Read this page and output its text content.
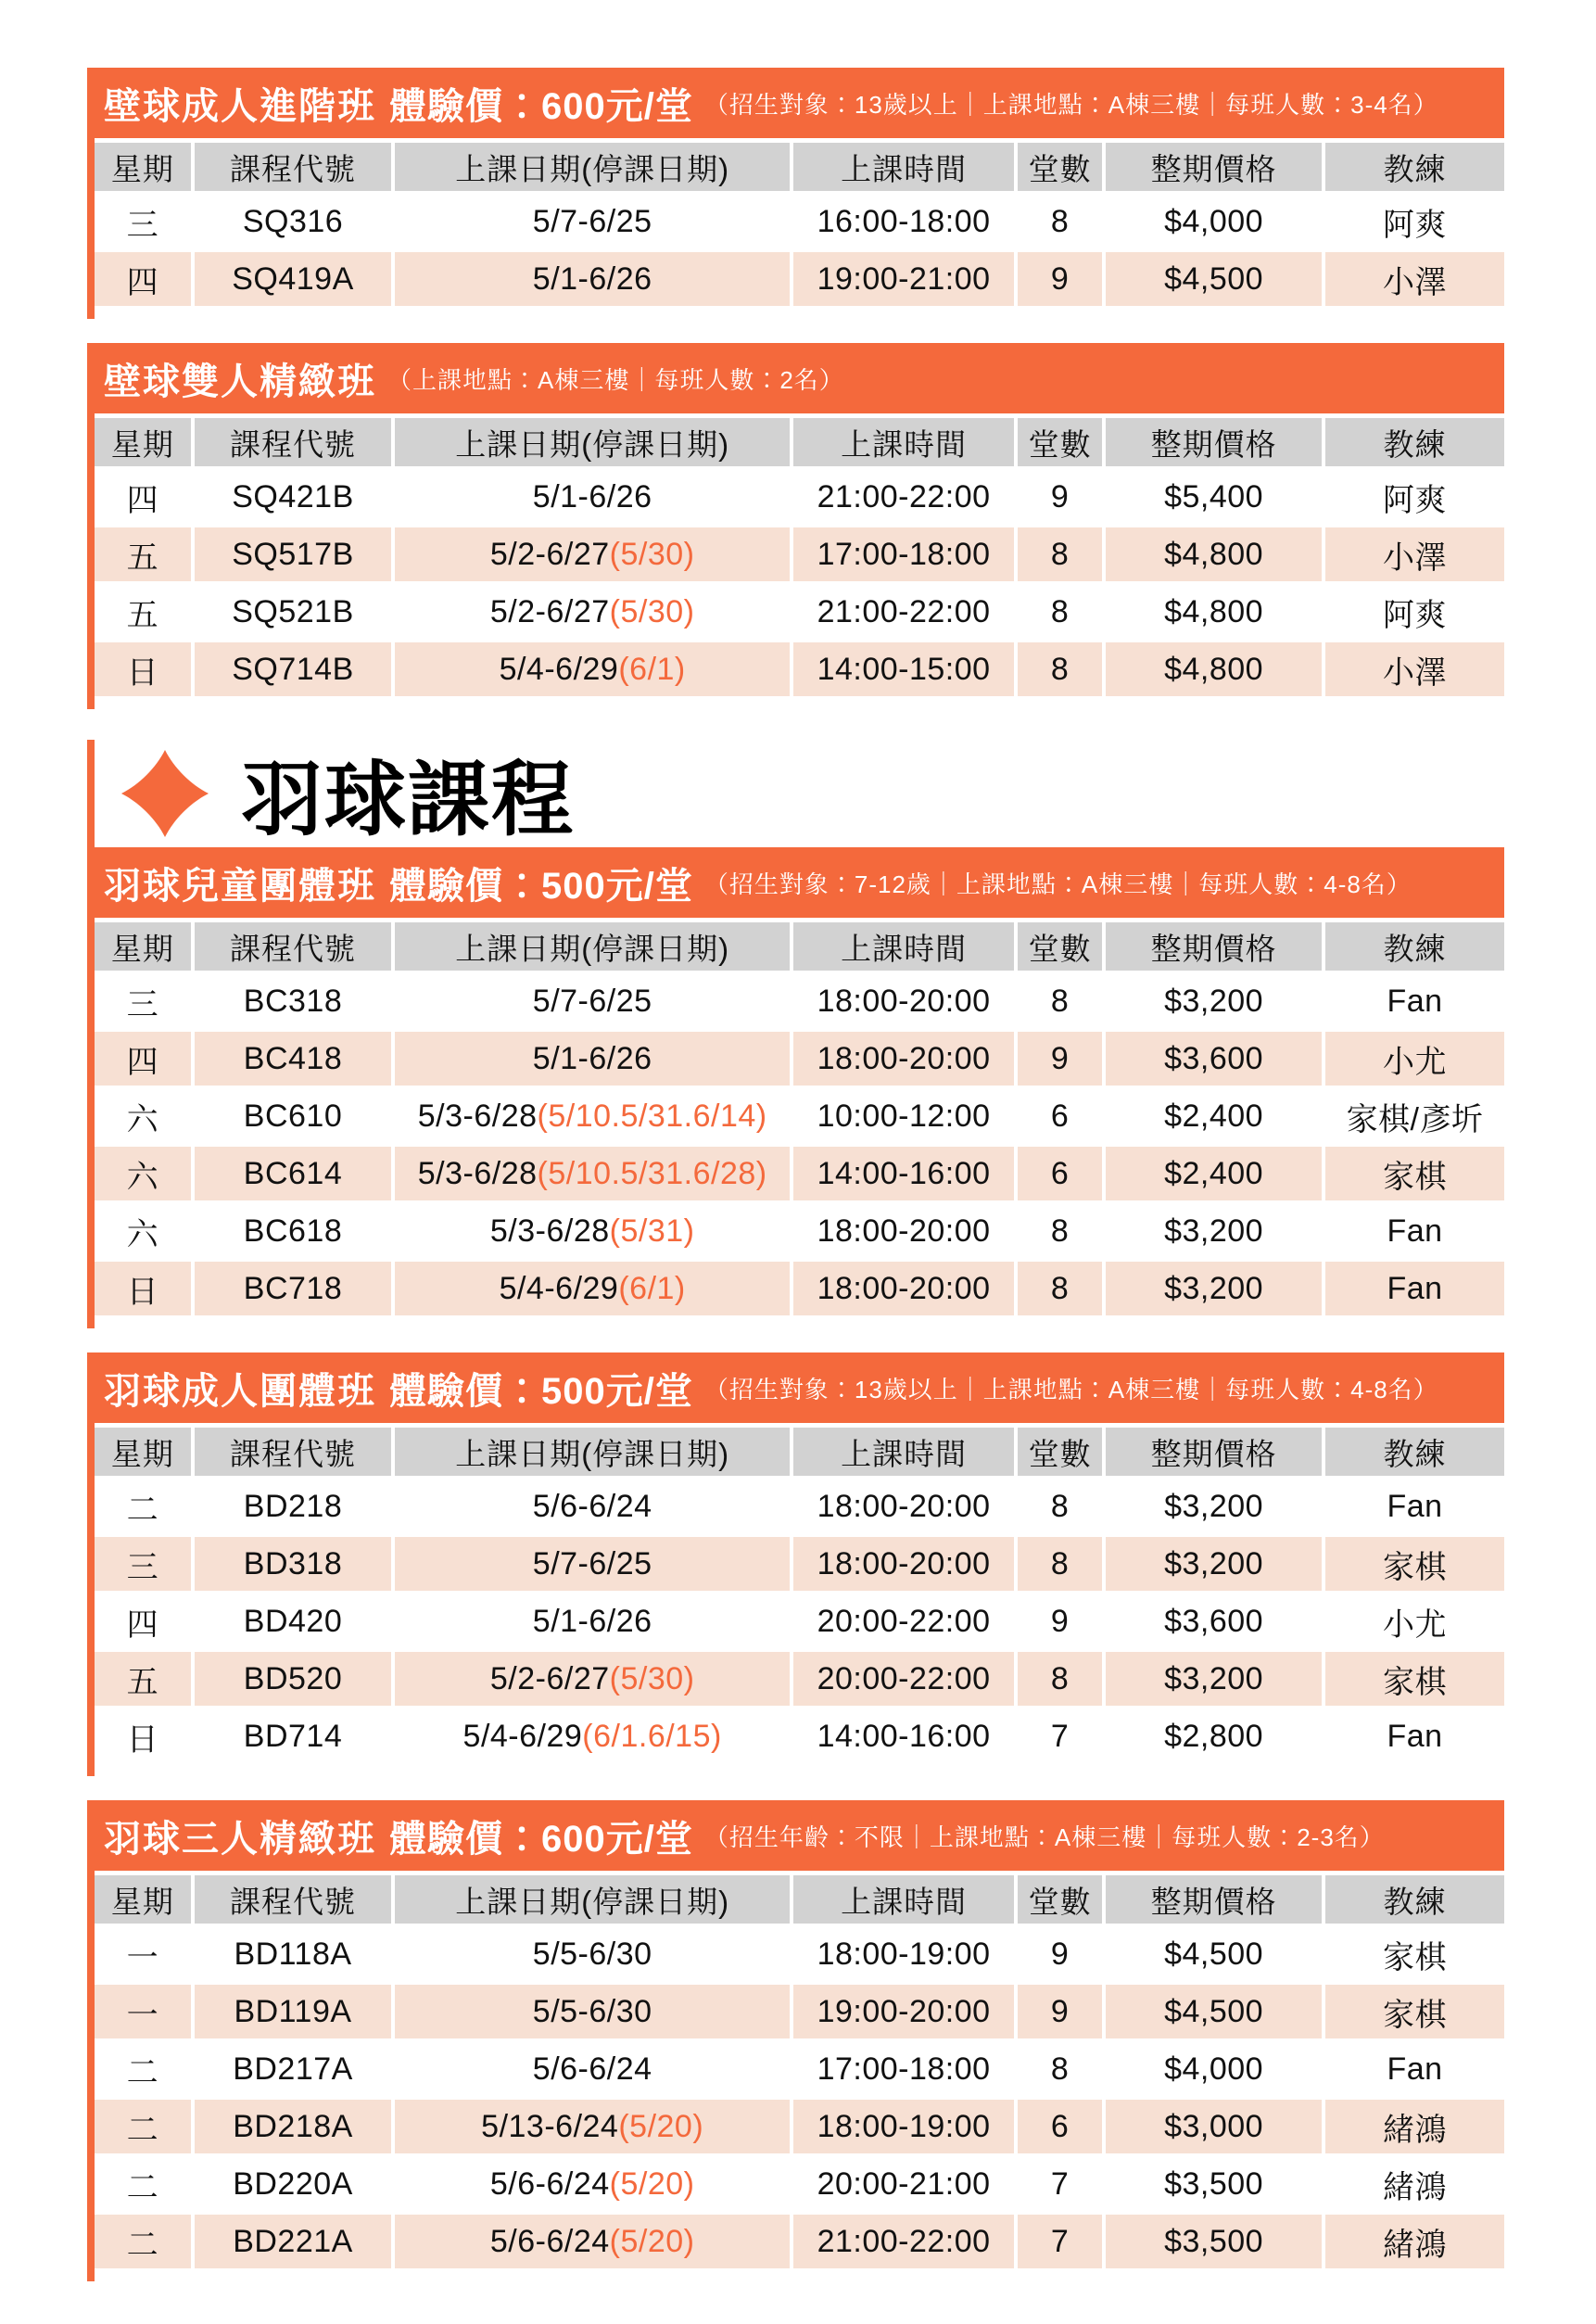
壁球成人進階班 體驗價：600元/堂 （招生對象：13歲以上｜上課地點：A棟三樓｜每班人數：3-4名）
星期	課程代號	上課日期(停課日期)	上課時間	堂數	整期價格	教練
三	SQ316	5/7-6/25	16:00-18:00	8	$4,000	阿爽
四	SQ419A	5/1-6/26	19:00-21:00	9	$4,500	小澤
壁球雙人精緻班 （上課地點：A棟三樓｜每班人數：2名）
星期	課程代號	上課日期(停課日期)	上課時間	堂數	整期價格	教練
四	SQ421B	5/1-6/26	21:00-22:00	9	$5,400	阿爽
五	SQ517B	5/2-6/27 (5/30)	17:00-18:00	8	$4,800	小澤
五	SQ521B	5/2-6/27 (5/30)	21:00-22:00	8	$4,800	阿爽
日	SQ714B	5/4-6/29 (6/1)	14:00-15:00	8	$4,800	小澤
羽球課程
羽球兒童團體班 體驗價：500元/堂 （招生對象：7-12歲｜上課地點：A棟三樓｜每班人數：4-8名）
星期	課程代號	上課日期(停課日期)	上課時間	堂數	整期價格	教練
三	BC318	5/7-6/25	18:00-20:00	8	$3,200	Fan
四	BC418	5/1-6/26	18:00-20:00	9	$3,600	小尤
六	BC610	5/3-6/28 (5/10.5/31.6/14)	10:00-12:00	6	$2,400	家棋/彥圻
六	BC614	5/3-6/28 (5/10.5/31.6/28)	14:00-16:00	6	$2,400	家棋
六	BC618	5/3-6/28 (5/31)	18:00-20:00	8	$3,200	Fan
日	BC718	5/4-6/29 (6/1)	18:00-20:00	8	$3,200	Fan
羽球成人團體班 體驗價：500元/堂 （招生對象：13歲以上｜上課地點：A棟三樓｜每班人數：4-8名）
星期	課程代號	上課日期(停課日期)	上課時間	堂數	整期價格	教練
二	BD218	5/6-6/24	18:00-20:00	8	$3,200	Fan
三	BD318	5/7-6/25	18:00-20:00	8	$3,200	家棋
四	BD420	5/1-6/26	20:00-22:00	9	$3,600	小尤
五	BD520	5/2-6/27 (5/30)	20:00-22:00	8	$3,200	家棋
日	BD714	5/4-6/29 (6/1.6/15)	14:00-16:00	7	$2,800	Fan
羽球三人精緻班 體驗價：600元/堂 （招生年齡：不限｜上課地點：A棟三樓｜每班人數：2-3名）
星期	課程代號	上課日期(停課日期)	上課時間	堂數	整期價格	教練
一	BD118A	5/5-6/30	18:00-19:00	9	$4,500	家棋
一	BD119A	5/5-6/30	19:00-20:00	9	$4,500	家棋
二	BD217A	5/6-6/24	17:00-18:00	8	$4,000	Fan
二	BD218A	5/13-6/24 (5/20)	18:00-19:00	6	$3,000	緒鴻
二	BD220A	5/6-6/24 (5/20)	20:00-21:00	7	$3,500	緒鴻
二	BD221A	5/6-6/24 (5/20)	21:00-22:00	7	$3,500	緒鴻
